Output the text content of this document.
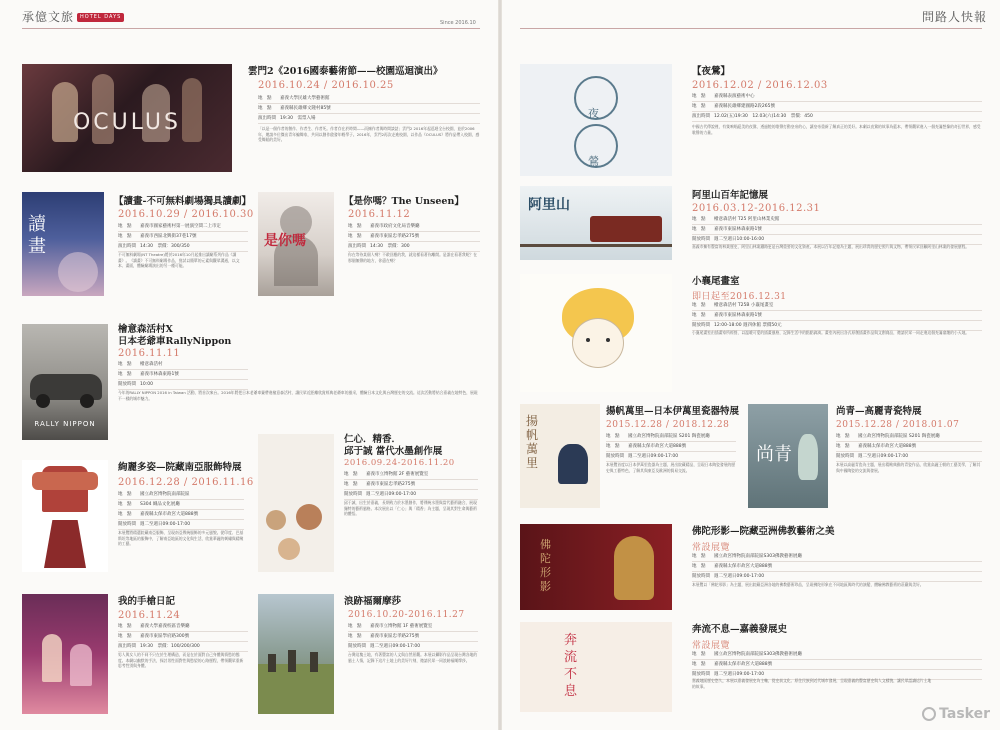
承億文旅 HOTEL DAYS
Since 2016.10
OCULUS
雲門2《2016國泰藝術節——校園巡迴演出》
2016.10.24 / 2016.10.25
地　點 嘉義大學民雄大學藝術館
地　點 嘉義縣民雄鄉文隆村85號
演出時間 19:30　需票入場
「以是一個作者的創作、作者生、作者死。作者存在於時間——而擁作者與時間談話」雲門2 2016年起巡迴全台校園，並於2006年，邀請多位傑出青年編舞家，共同以創作啟發年輕學子。2016年，雲門2再次走進校園，以作品《OCULUS》將作品帶入校園，感受舞蹈的美好。
讀畫
【讀畫-不可無料劇場獨具讀劇】
2016.10.29 / 2016.10.30
地　點 嘉義市國家藝術村第一展演空間二上市定
地　點 嘉義市西區北興街37巷17號
演出時間 14:30　票價：300/350
不可無料劇場(NT Theatre)將於2016年10月起推出讀劇系列作品《讀畫》。《讀畫》不可無料劇場作品，嘗試以簡單的元素與觀眾溝通，以文本、畫面，體驗劇場演出的另一種可能。
是你嗎
【是你嗎？The Unseen】
2016.11.12
地　點 嘉義市政府文化局音樂廳
地　點 嘉義市東區忠孝路275號
演出時間 14:30　票價：300
你在等待某個人嗎？不敢回應的我，就這樣看著你離開。是誰在看著我呢？在那個無聲的地方，你還在嗎？
RALLY NIPPON
檜意森活村X
日本老爺車RallyNippon
2016.11.11
地　點 檜意森活村
地　點 嘉義市林森東路1號
開放時間 10:00
今年的RALLY NIPPON 2016 in Taiwan 活動，將首次來台。2016年將把日本老爺車賽帶進檜意森活村，讓民眾近距離欣賞經典老爺車的風采，體驗日本文化與台灣歷史的交流。這次活動將結合嘉義在地特色，展現不一樣的城市魅力。
絢麗多姿—院藏南亞服飾特展
2016.12.28 / 2016.11.16
地　點 國立故宮博物院南部院區
地　點 S304 織品文化展廳
地　點 嘉義縣太保市故宮大道888號
開放時間 週二至週日09:00-17:00
本展覽將精選院藏南亞服飾，呈現南亞傳統服飾的多元風貌。從印度、巴基斯坦等地區的服飾中，了解南亞地區的文化與生活，欣賞華麗的刺繡與精緻的工藝。
仁心．精香．
邱于誠 當代水墨創作展
2016.09.24-2016.11.20
地　點 嘉義市立博物館 2F 藝術展覽室
地　點 嘉義市東區忠孝路275號
開放時間 週二至週日09:00-17:00
邱于誠，出生於嘉義，長期致力於水墨創作，將傳統水墨與當代藝術融合，展現獨特的藝術風格。本次展出以「仁心」與「精香」為主題，呈現其對生命與藝術的體悟。
我的手槍日記
2016.11.24
地　點 嘉義大學嘉義校區音樂廳
地　點 嘉義市東區學府路300號
演出時間 19:30　票價：100/200/300
男人與女人的不同不只在於生理構造，而是在於面對自己身體與情慾的態度。本劇以幽默的手法，探討男性面對性與慾望的心路歷程，帶領觀眾重新思考性別與身體。
浪跡福爾摩莎
2016.10.20-2016.11.27
地　點 嘉義市立博物館 1F 藝術展覽室
地　點 嘉義市東區忠孝路275號
開放時間 週二至週日09:00-17:00
台灣這塊土地，有著豐富的人文與自然景觀。本展以攝影作品呈現台灣各地的風土人情，記錄下這片土地上的美好片刻，邀請民眾一同浪跡福爾摩莎。
問路人快報
夜鶯
【夜鶯】
2016.12.02 / 2016.12.03
地　點 嘉義縣表演藝術中心
地　點 嘉義縣民雄鄉建國路2段265號
演出時間 12.02(五)19:30　12.03(六)14:30　票價：450
中國古代傳說裡，有隻鳴唱絕美的夜鶯，透過牠的歌聲打動皇帝的心，讓皇帝重新了解真正的美好。本劇以夜鶯的故事為藍本，帶領觀眾進入一個充滿想像的奇幻世界，感受歌聲的力量。
阿里山
阿里山百年記憶展
2016.03.12-2016.12.31
地　點 檜意森活村 T25 阿里山林業史館
地　點 嘉義市東區林森東路1號
開放時間 週二至週日10:00-16:00
嘉義市擁有豐富的林業歷史，阿里山林業鐵路更是台灣重要的文化資產。本展以百年記憶為主題，展出珍貴的歷史照片與文物，帶領民眾回顧阿里山林業的發展歷程。
小襄尾畫室
即日起至2016.12.31
地　點 檜意森活村 T25B 小襄尾畫室
地　點 嘉義市東區林森東路1號
開放時間 12:00-18:00 週四休館 票價50元
小襄尾畫室由插畫家所經營，以溫暖可愛的插畫風格，記錄生活中的點點滴滴。畫室內展出各式原創插畫作品與文創商品，邀請民眾一同走進這個充滿童趣的小天地。
揚帆萬里
揚帆萬里—日本伊萬里瓷器特展
2015.12.28 / 2018.12.28
地　點 國立故宮博物院南部院區 S201 陶瓷展廳
地　點 嘉義縣太保市故宮大道888號
開放時間 週二至週日09:00-17:00
本展覽首度以日本伊萬里瓷器為主題，展出院藏精品，呈現日本陶瓷發展的歷史與工藝特色，了解其與東亞及歐洲的貿易交流。
尚青
尚青—高麗青瓷特展
2015.12.28 / 2018.01.07
地　點 國立故宮博物院南部院區 S201 陶瓷展廳
地　點 嘉義縣太保市故宮大道888號
開放時間 週二至週日09:00-17:00
本展以高麗青瓷為主題，展出精緻典雅的青瓷作品，欣賞高麗王朝的工藝美學，了解其與中國陶瓷的交流與發展。
佛陀形影
佛陀形影—院藏亞洲佛教藝術之美
常設展覽
地　點 國立故宮博物院南部院區S303佛教藝術展廳
地　點 嘉義縣太保市故宮大道888號
開放時間 週二至週日09:00-17:00
本展覽以「佛陀形影」為主題，展出院藏亞洲各地的佛教藝術珍品，呈現佛陀形象在不同地區與時代的演變，體驗佛教藝術的莊嚴與美好。
奔流不息
奔流不息—嘉義發展史
常設展覽
地　點 國立故宮博物院南部院區S303佛教藝術展廳
地　點 嘉義縣太保市故宮大道888號
開放時間 週二至週日09:00-17:00
嘉義地區歷史悠久，本展以嘉義發展史為主軸，從史前文化、原住民族到近代城市發展，呈現嘉義的豐富歷史與人文樣貌，讓民眾認識這片土地的故事。
Tasker
